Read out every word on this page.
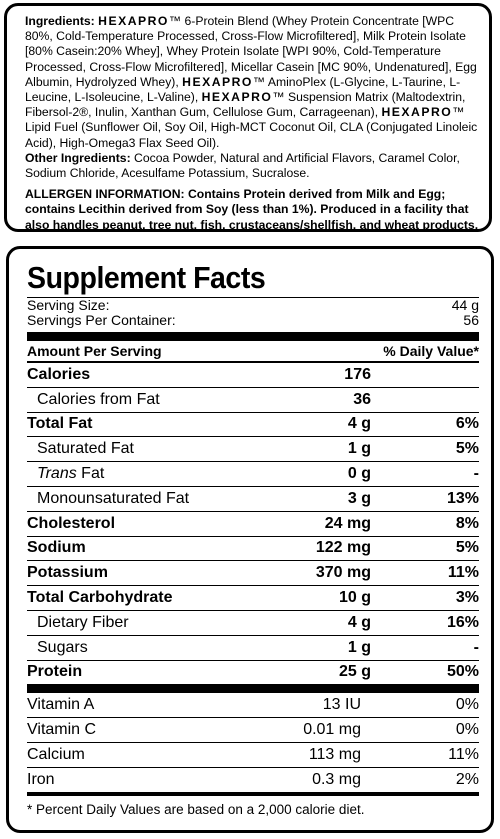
Ingredients: HEXAPRO™ 6-Protein Blend (Whey Protein Concentrate [WPC 80%, Cold-Temperature Processed, Cross-Flow Microfiltered], Milk Protein Isolate [80% Casein:20% Whey], Whey Protein Isolate [WPI 90%, Cold-Temperature Processed, Cross-Flow Microfiltered], Micellar Casein [MC 90%, Undenatured], Egg Albumin, Hydrolyzed Whey), HEXAPRO™ AminoPlex (L-Glycine, L-Taurine, L-Leucine, L-Isoleucine, L-Valine), HEXAPRO™ Suspension Matrix (Maltodextrin, Fibersol-2®, Inulin, Xanthan Gum, Cellulose Gum, Carrageenan), HEXAPRO™ Lipid Fuel (Sunflower Oil, Soy Oil, High-MCT Coconut Oil, CLA (Conjugated Linoleic Acid), High-Omega3 Flax Seed Oil).

Other Ingredients: Cocoa Powder, Natural and Artificial Flavors, Caramel Color, Sodium Chloride, Acesulfame Potassium, Sucralose.

ALLERGEN INFORMATION: Contains Protein derived from Milk and Egg; contains Lecithin derived from Soy (less than 1%). Produced in a facility that also handles peanut, tree nut, fish, crustaceans/shellfish, and wheat products.

Supplement Facts
Serving Size:	44 g
Servings Per Container:	56
Amount Per Serving	% Daily Value*
Calories	176
Calories from Fat	36
Total Fat	4 g	6%
Saturated Fat	1 g	5%
Trans Fat	0 g	-
Monounsaturated Fat	3 g	13%
Cholesterol	24 mg	8%
Sodium	122 mg	5%
Potassium	370 mg	11%
Total Carbohydrate	10 g	3%
Dietary Fiber	4 g	16%
Sugars	1 g	-
Protein	25 g	50%
Vitamin A	13 IU	0%
Vitamin C	0.01 mg	0%
Calcium	113 mg	11%
Iron	0.3 mg	2%
* Percent Daily Values are based on a 2,000 calorie diet.
